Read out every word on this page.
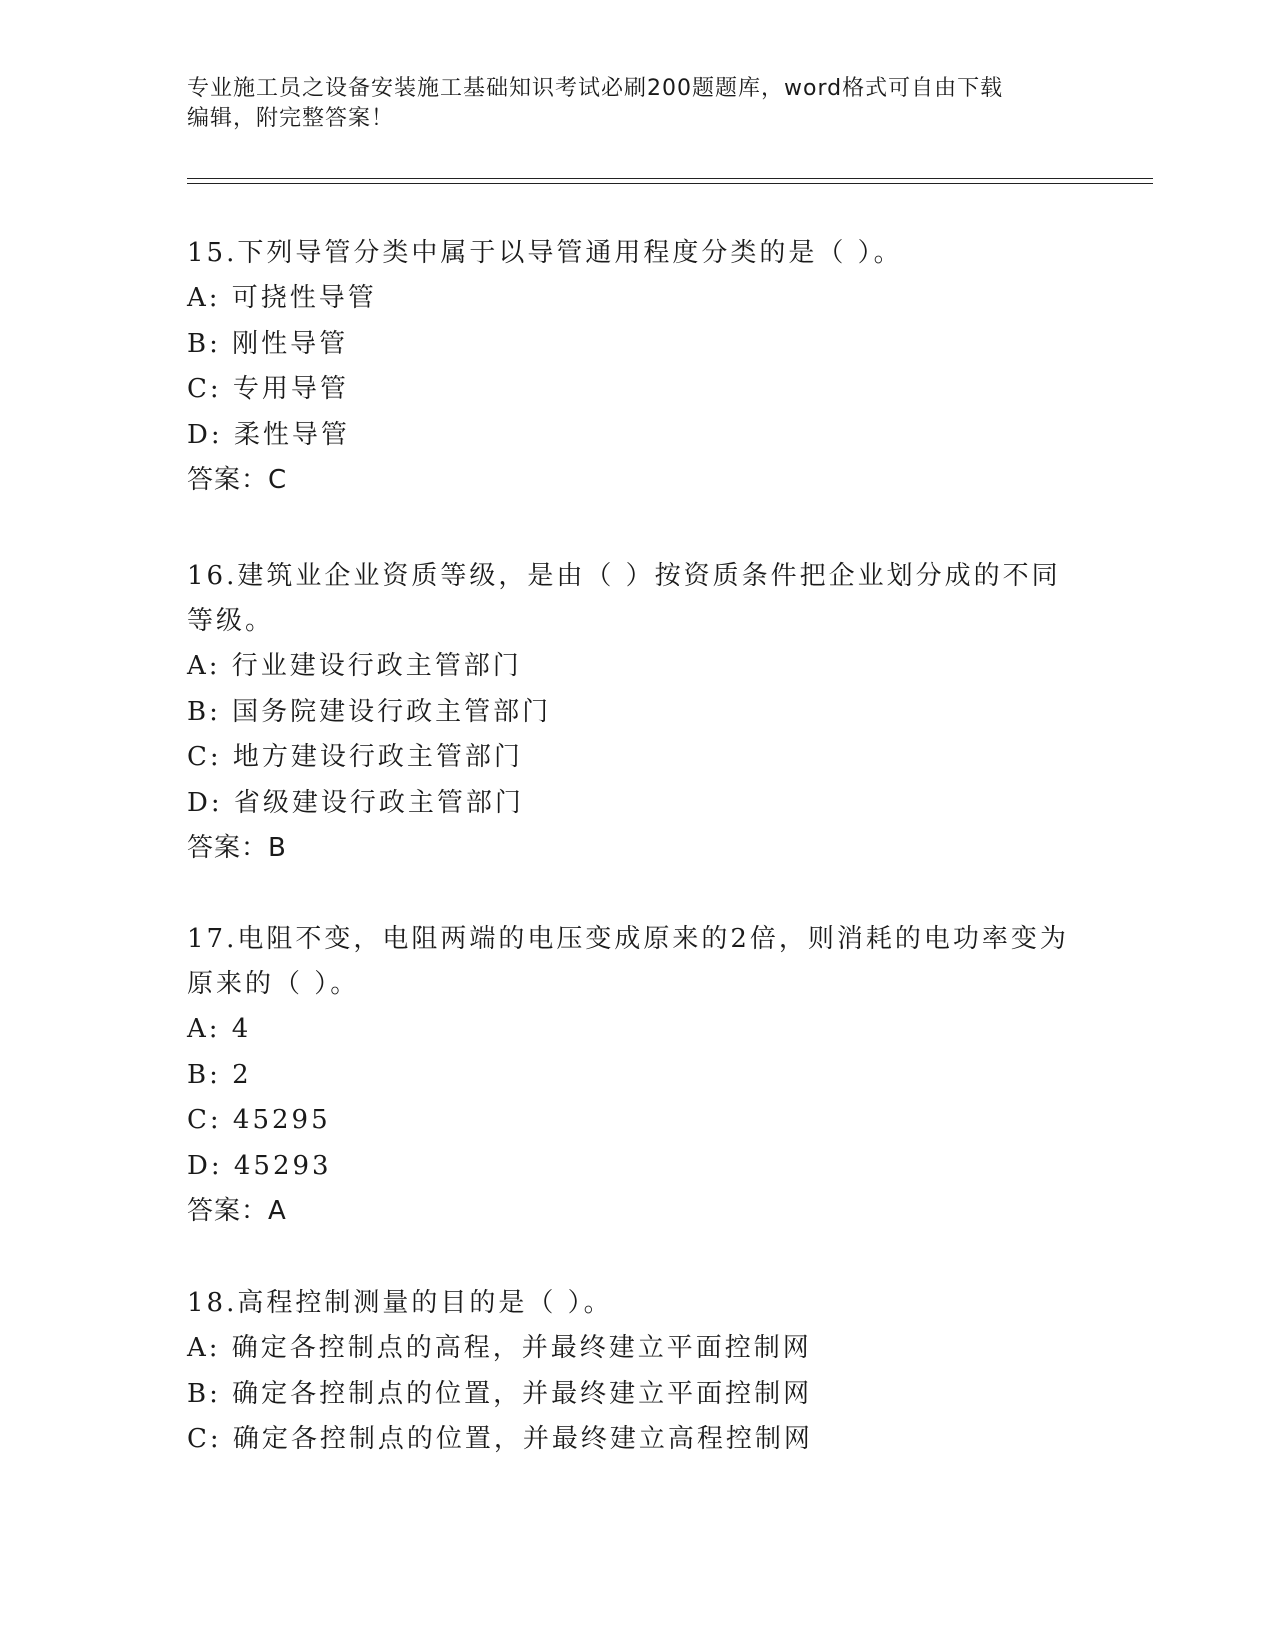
专业施工员之设备安装施工基础知识考试必刷200题题库，word格式可自由下载
编辑，附完整答案！
15.下列导管分类中属于以导管通用程度分类的是（ ）。
A: 可挠性导管
B: 刚性导管
C: 专用导管
D: 柔性导管
答案：C
16.建筑业企业资质等级，是由（ ）按资质条件把企业划分成的不同
等级。
A: 行业建设行政主管部门
B: 国务院建设行政主管部门
C: 地方建设行政主管部门
D: 省级建设行政主管部门
答案：B
17.电阻不变，电阻两端的电压变成原来的2倍，则消耗的电功率变为
原来的（ ）。
A: 4
B: 2
C: 45295
D: 45293
答案：A
18.高程控制测量的目的是（ ）。
A: 确定各控制点的高程，并最终建立平面控制网
B: 确定各控制点的位置，并最终建立平面控制网
C: 确定各控制点的位置，并最终建立高程控制网
